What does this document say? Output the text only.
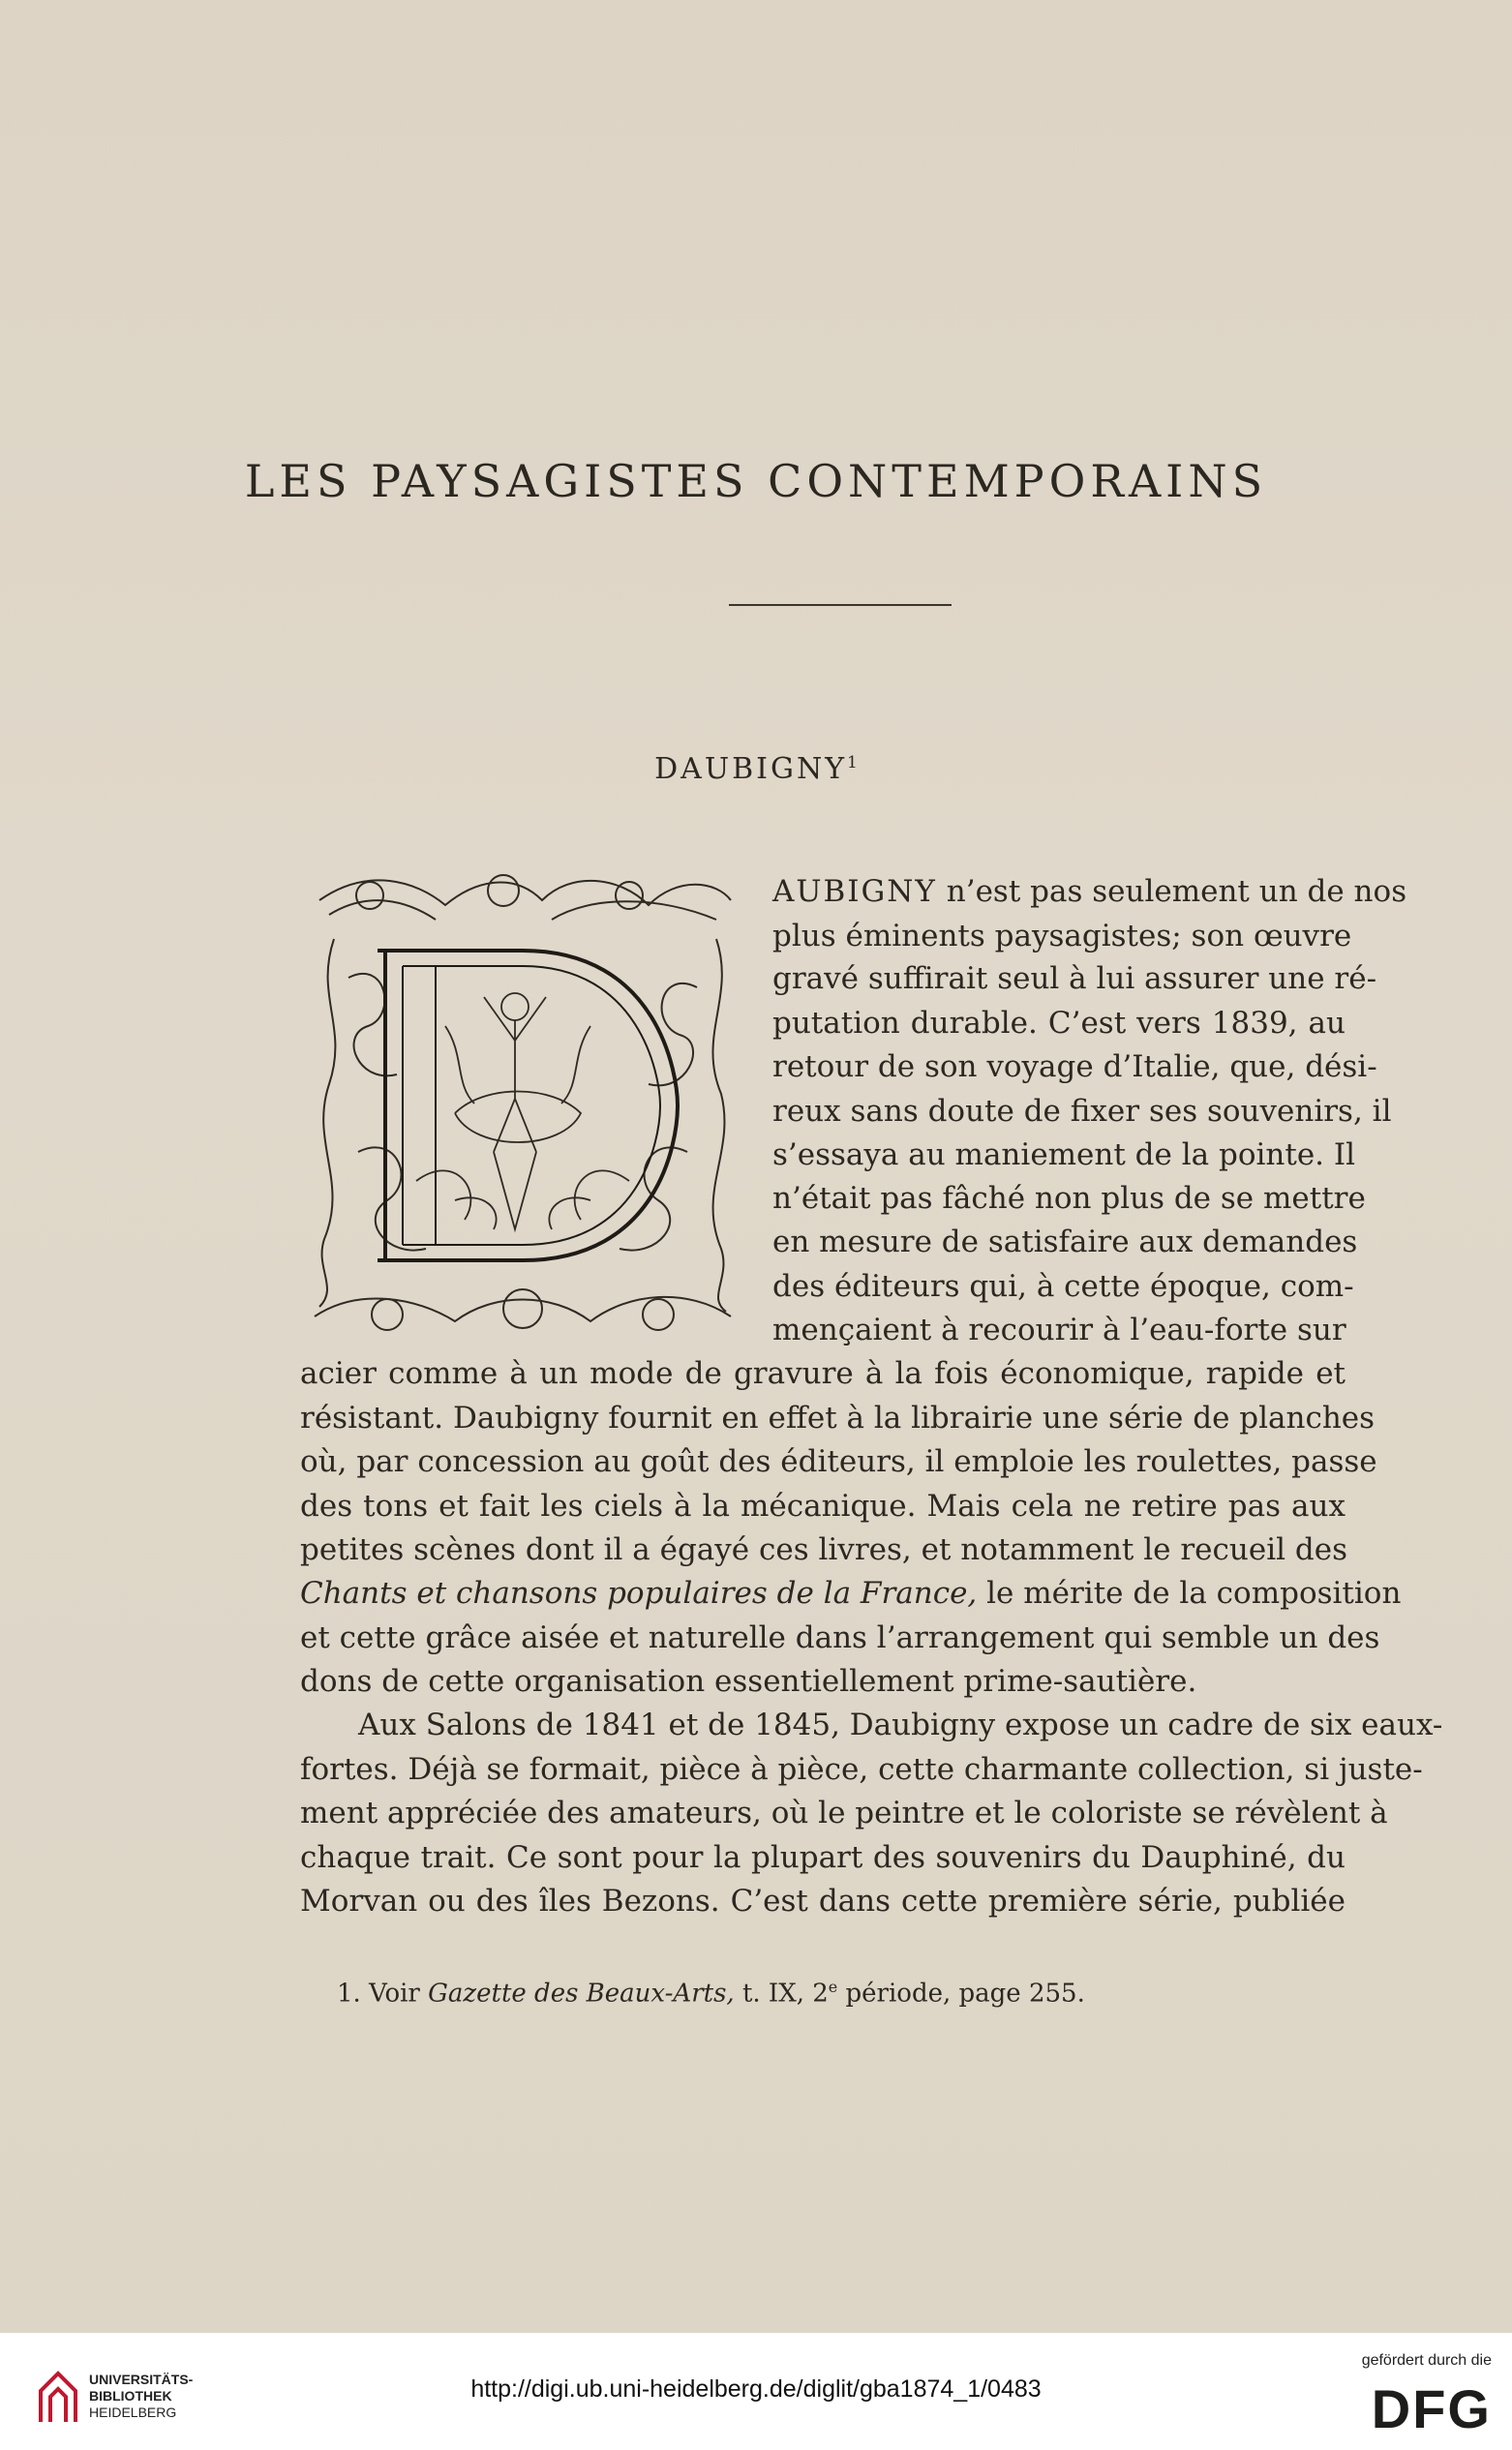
LES PAYSAGISTES CONTEMPORAINS
DAUBIGNY$^1$
AUBIGNY n’est pas seulement un de nos
plus éminents paysagistes; son œuvre
gravé suffirait seul à lui assurer une ré-
putation durable. C’est vers 1839, au
retour de son voyage d’Italie, que, dési-
reux sans doute de fixer ses souvenirs, il
s’essaya au maniement de la pointe. Il
n’était pas fâché non plus de se mettre
en mesure de satisfaire aux demandes
des éditeurs qui, à cette époque, com-
mençaient à recourir à l’eau-forte sur
acier comme à un mode de gravure à la fois économique, rapide et
résistant. Daubigny fournit en effet à la librairie une série de planches
où, par concession au goût des éditeurs, il emploie les roulettes, passe
des tons et fait les ciels à la mécanique. Mais cela ne retire pas aux
petites scènes dont il a égayé ces livres, et notamment le recueil des
Chants et chansons populaires de la France, le mérite de la composition
et cette grâce aisée et naturelle dans l’arrangement qui semble un des
dons de cette organisation essentiellement prime-sautière.
Aux Salons de 1841 et de 1845, Daubigny expose un cadre de six eaux-
fortes. Déjà se formait, pièce à pièce, cette charmante collection, si juste-
ment appréciée des amateurs, où le peintre et le coloriste se révèlent à
chaque trait. Ce sont pour la plupart des souvenirs du Dauphiné, du
Morvan ou des îles Bezons. C’est dans cette première série, publiée
1. Voir Gazette des Beaux-Arts, t. IX, 2e période, page 255.
UNIVERSITÄTS-
BIBLIOTHEK
HEIDELBERG
http://digi.ub.uni-heidelberg.de/diglit/gba1874_1/0483
gefördert durch die
DFG
